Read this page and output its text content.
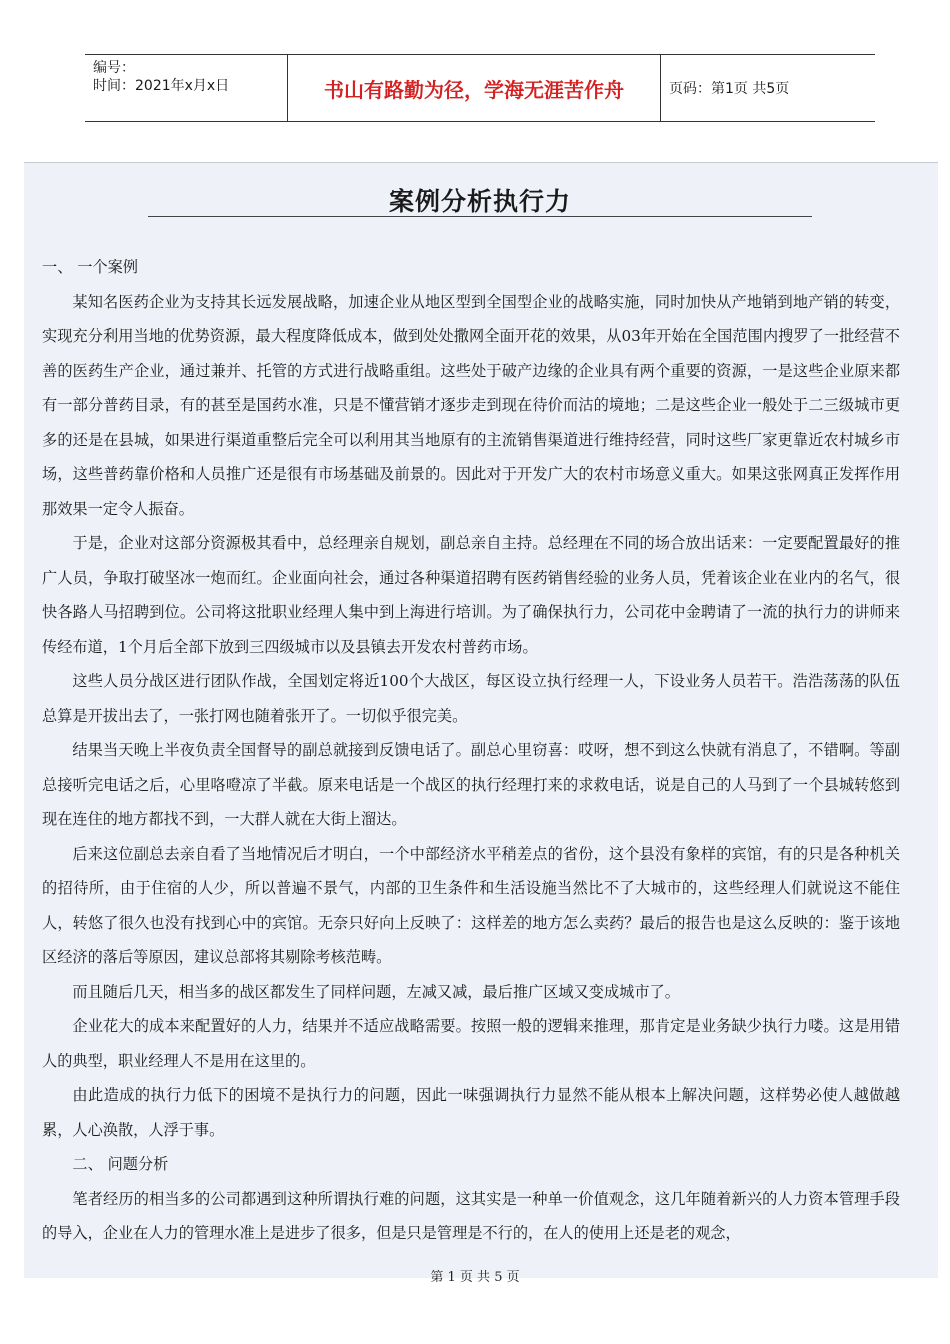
编号：
时间：2021年x月x日	书山有路勤为径，学海无涯苦作舟	页码：第1页 共5页
案例分析执行力

一、 一个案例

某知名医药企业为支持其长远发展战略，加速企业从地区型到全国型企业的战略实施，同时加快从产地销到地产销的转变，实现充分利用当地的优势资源，最大程度降低成本，做到处处撒网全面开花的效果，从03年开始在全国范围内搜罗了一批经营不善的医药生产企业，通过兼并、托管的方式进行战略重组。这些处于破产边缘的企业具有两个重要的资源，一是这些企业原来都有一部分普药目录，有的甚至是国药水准，只是不懂营销才逐步走到现在待价而沽的境地；二是这些企业一般处于二三级城市更多的还是在县城，如果进行渠道重整后完全可以利用其当地原有的主流销售渠道进行维持经营，同时这些厂家更靠近农村城乡市场，这些普药靠价格和人员推广还是很有市场基础及前景的。因此对于开发广大的农村市场意义重大。如果这张网真正发挥作用那效果一定令人振奋。

于是，企业对这部分资源极其看中，总经理亲自规划，副总亲自主持。总经理在不同的场合放出话来：一定要配置最好的推广人员，争取打破坚冰一炮而红。企业面向社会，通过各种渠道招聘有医药销售经验的业务人员，凭着该企业在业内的名气，很快各路人马招聘到位。公司将这批职业经理人集中到上海进行培训。为了确保执行力，公司花中金聘请了一流的执行力的讲师来传经布道，1个月后全部下放到三四级城市以及县镇去开发农村普药市场。

这些人员分战区进行团队作战，全国划定将近100个大战区，每区设立执行经理一人，下设业务人员若干。浩浩荡荡的队伍总算是开拔出去了，一张打网也随着张开了。一切似乎很完美。

结果当天晚上半夜负责全国督导的副总就接到反馈电话了。副总心里窃喜：哎呀，想不到这么快就有消息了，不错啊。等副总接听完电话之后，心里咯噔凉了半截。原来电话是一个战区的执行经理打来的求救电话，说是自己的人马到了一个县城转悠到现在连住的地方都找不到，一大群人就在大街上溜达。

后来这位副总去亲自看了当地情况后才明白，一个中部经济水平稍差点的省份，这个县没有象样的宾馆，有的只是各种机关的招待所，由于住宿的人少，所以普遍不景气，内部的卫生条件和生活设施当然比不了大城市的，这些经理人们就说这不能住人，转悠了很久也没有找到心中的宾馆。无奈只好向上反映了：这样差的地方怎么卖药？最后的报告也是这么反映的：鉴于该地区经济的落后等原因，建议总部将其剔除考核范畴。

而且随后几天，相当多的战区都发生了同样问题，左减又减，最后推广区域又变成城市了。

企业花大的成本来配置好的人力，结果并不适应战略需要。按照一般的逻辑来推理，那肯定是业务缺少执行力喽。这是用错人的典型，职业经理人不是用在这里的。

由此造成的执行力低下的困境不是执行力的问题，因此一味强调执行力显然不能从根本上解决问题，这样势必使人越做越累，人心涣散，人浮于事。

二、 问题分析

笔者经历的相当多的公司都遇到这种所谓执行难的问题，这其实是一种单一价值观念，这几年随着新兴的人力资本管理手段的导入，企业在人力的管理水准上是进步了很多，但是只是管理是不行的，在人的使用上还是老的观念，

第 1 页 共 5 页
